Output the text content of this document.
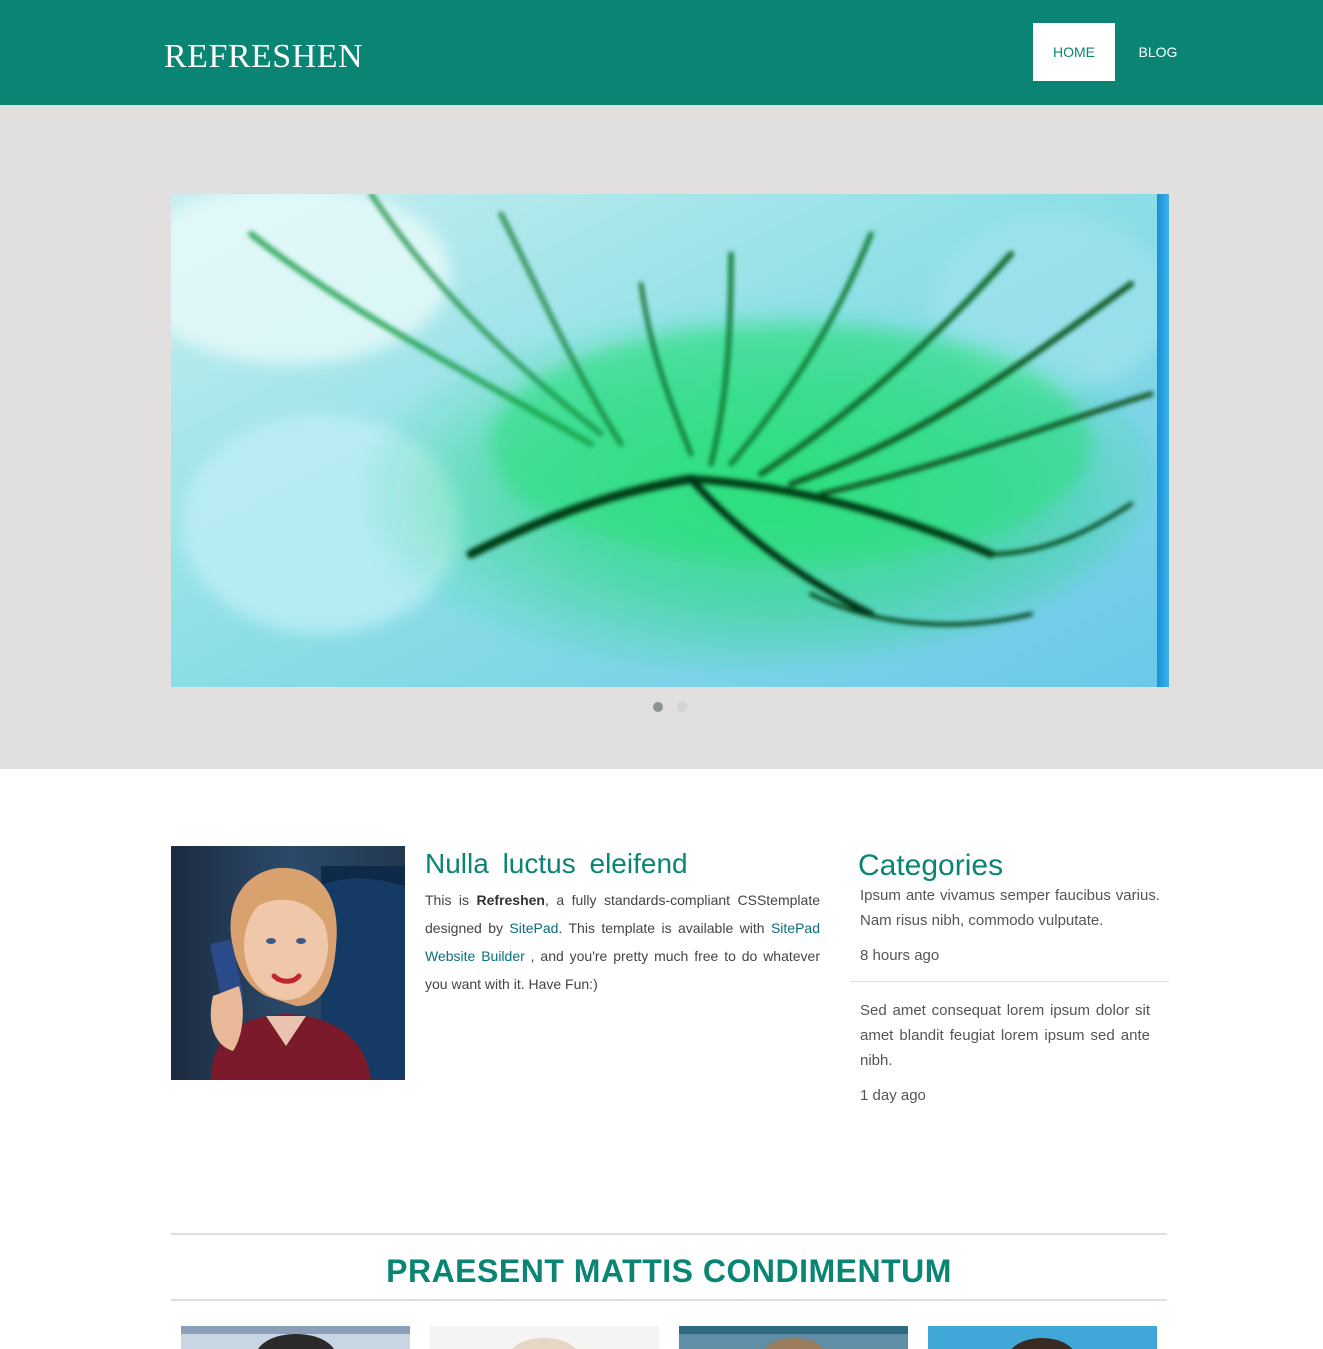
REFRESHEN	HOME	BLOG
Nulla luctus eleifend
This is Refreshen, a fully standards-compliant CSStemplate designed by SitePad. This template is available with SitePad Website Builder , and you're pretty much free to do whatever you want with it. Have Fun:)
Categories
Ipsum ante vivamus semper faucibus varius. Nam risus nibh, commodo vulputate.
8 hours ago
Sed amet consequat lorem ipsum dolor sit amet blandit feugiat lorem ipsum sed ante nibh.
1 day ago
PRAESENT MATTIS CONDIMENTUM
